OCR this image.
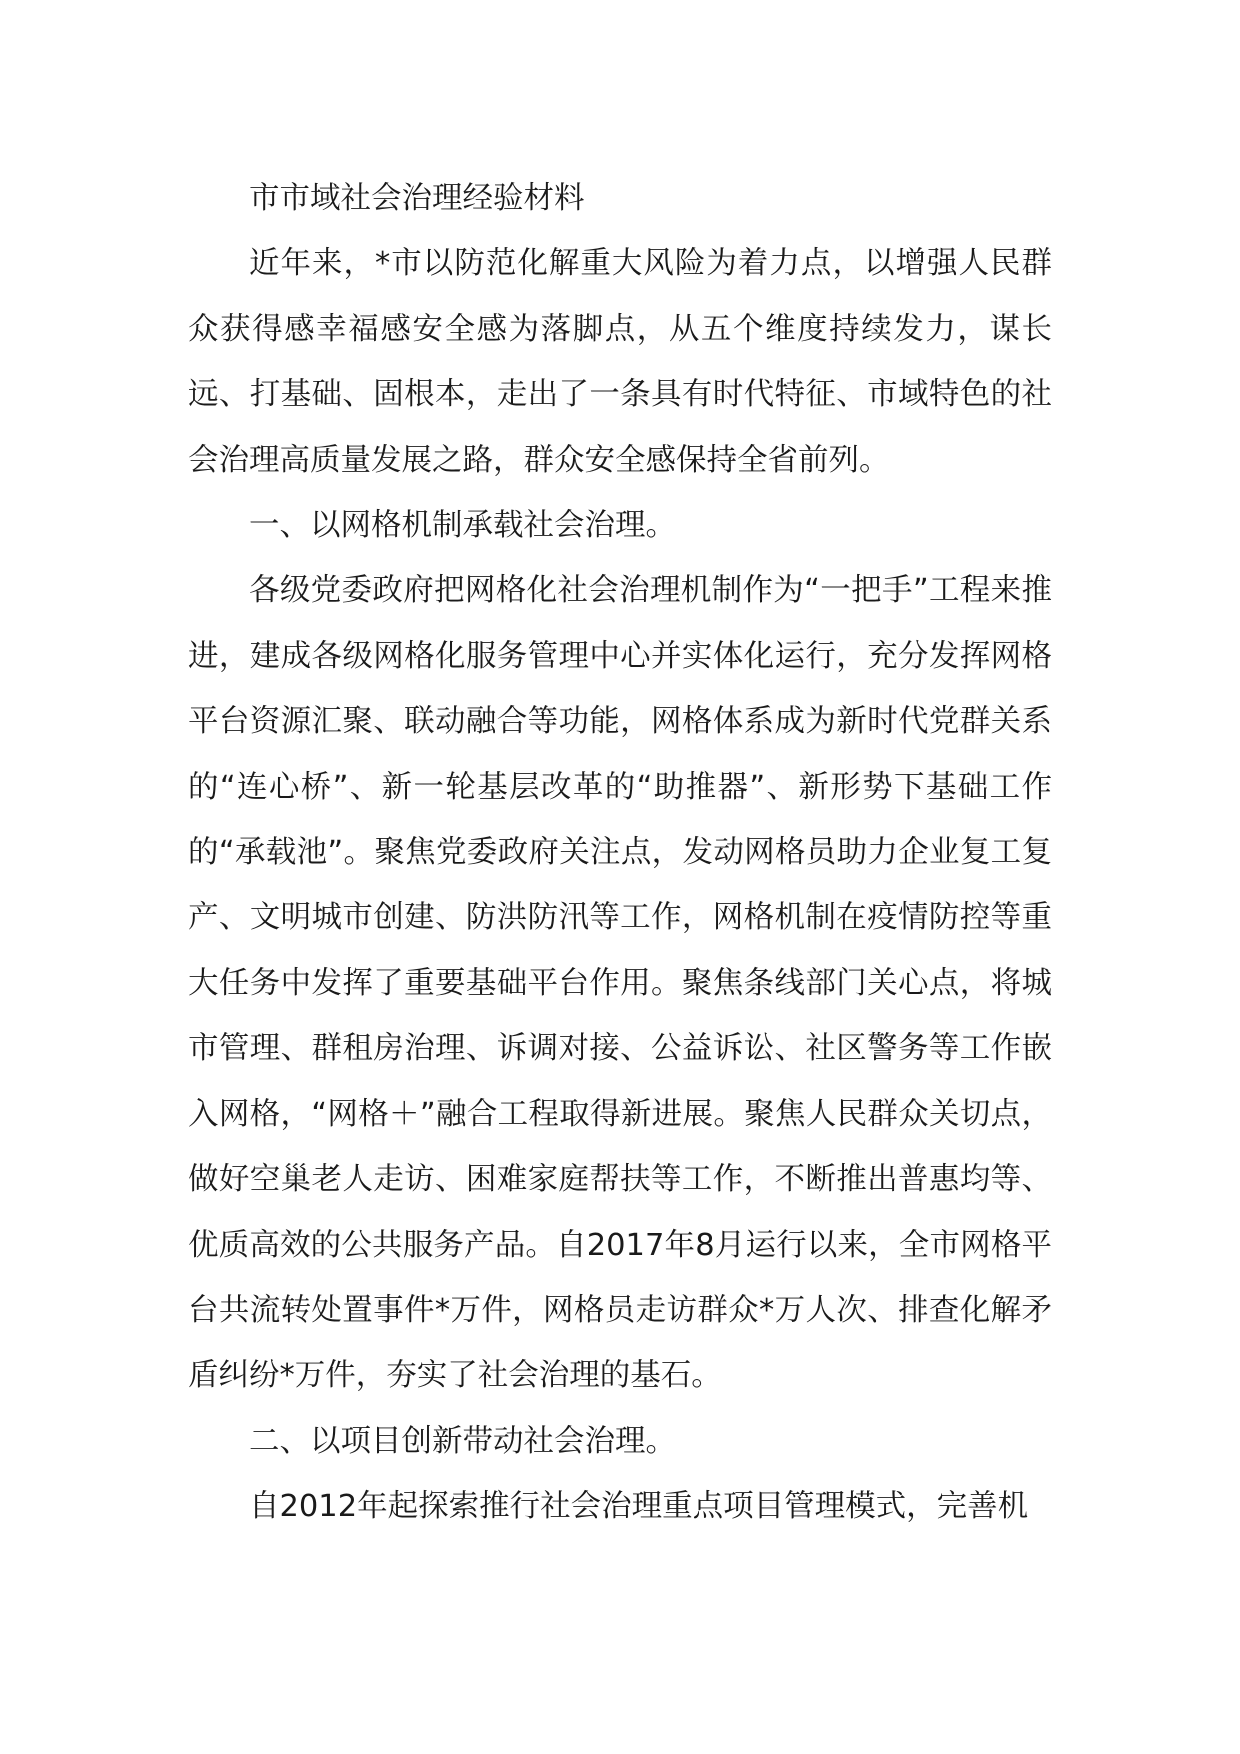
市市域社会治理经验材料

近年来，*市以防范化解重大风险为着力点，以增强人民群众获得感幸福感安全感为落脚点，从五个维度持续发力，谋长远、打基础、固根本，走出了一条具有时代特征、市域特色的社会治理高质量发展之路，群众安全感保持全省前列。

一、以网格机制承载社会治理。

各级党委政府把网格化社会治理机制作为“一把手”工程来推进，建成各级网格化服务管理中心并实体化运行，充分发挥网格平台资源汇聚、联动融合等功能，网格体系成为新时代党群关系的“连心桥”、新一轮基层改革的“助推器”、新形势下基础工作的“承载池”。聚焦党委政府关注点，发动网格员助力企业复工复产、文明城市创建、防洪防汛等工作，网格机制在疫情防控等重大任务中发挥了重要基础平台作用。聚焦条线部门关心点，将城市管理、群租房治理、诉调对接、公益诉讼、社区警务等工作嵌入网格，“网格＋”融合工程取得新进展。聚焦人民群众关切点，做好空巢老人走访、困难家庭帮扶等工作，不断推出普惠均等、优质高效的公共服务产品。自2017年8月运行以来，全市网格平台共流转处置事件*万件，网格员走访群众*万人次、排查化解矛盾纠纷*万件，夯实了社会治理的基石。

二、以项目创新带动社会治理。

自2012年起探索推行社会治理重点项目管理模式，完善机
